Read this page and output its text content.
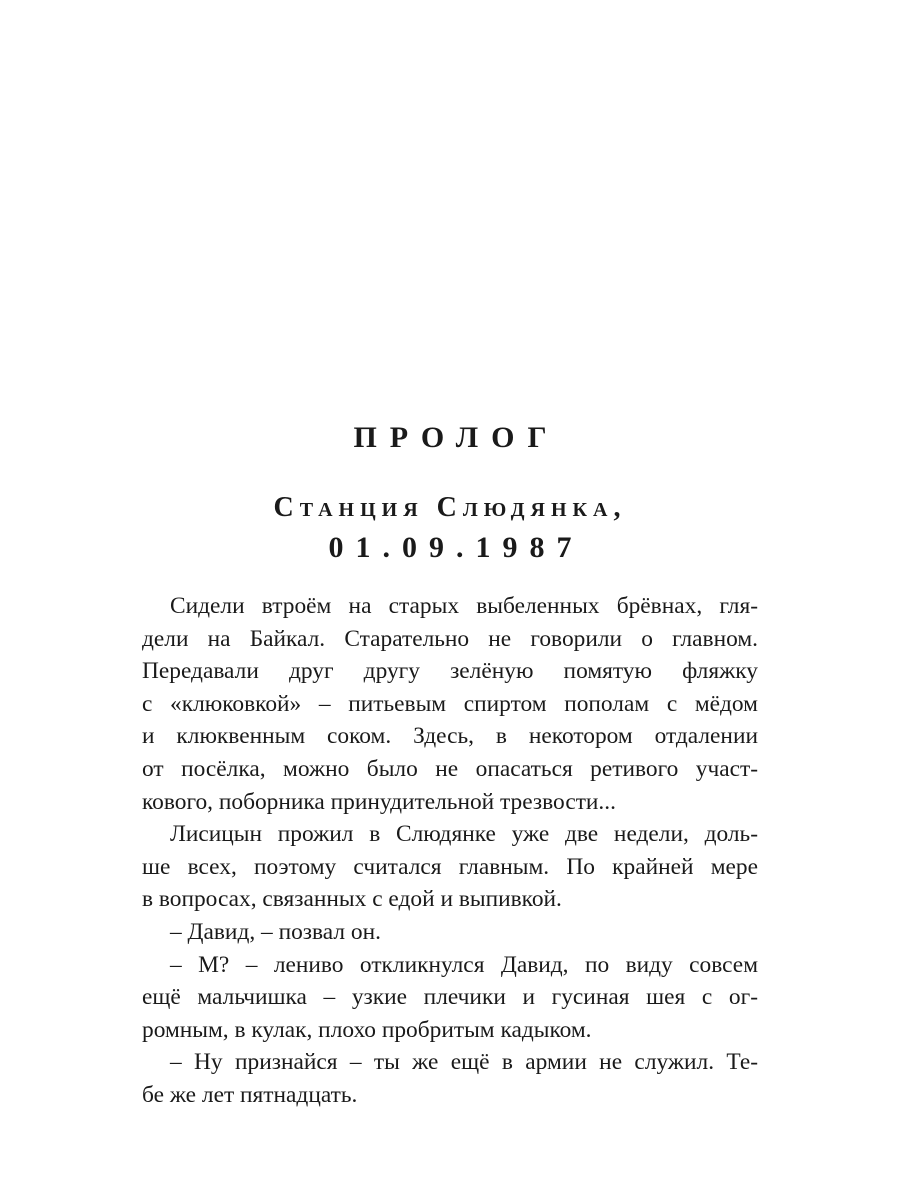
ПРОЛОГ
Станция Слюдянка,
01.09.1987
Сидели втроём на старых выбеленных брёвнах, гля-
дели на Байкал. Старательно не говорили о главном.
Передавали друг другу зелёную помятую фляжку
с «клюковкой» – питьевым спиртом пополам с мёдом
и клюквенным соком. Здесь, в некотором отдалении
от посёлка, можно было не опасаться ретивого участ-
кового, поборника принудительной трезвости...
Лисицын прожил в Слюдянке уже две недели, доль-
ше всех, поэтому считался главным. По крайней мере
в вопросах, связанных с едой и выпивкой.
– Давид, – позвал он.
– М? – лениво откликнулся Давид, по виду совсем
ещё мальчишка – узкие плечики и гусиная шея с ог-
ромным, в кулак, плохо пробритым кадыком.
– Ну признайся – ты же ещё в армии не служил. Те-
бе же лет пятнадцать.
